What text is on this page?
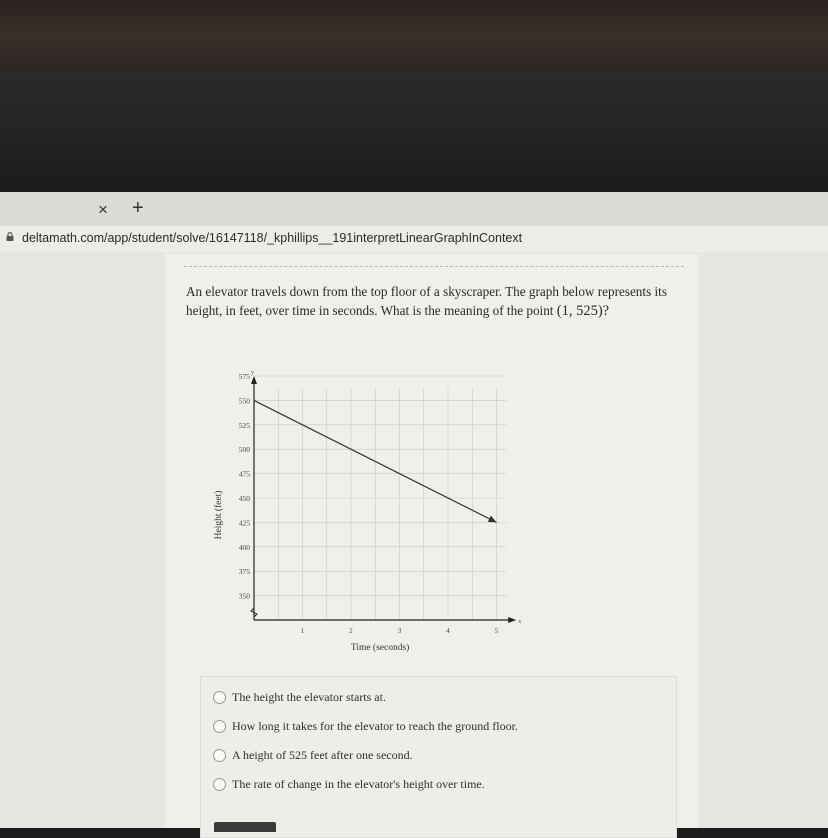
× +
deltamath.com/app/student/solve/16147118/_kphillips__191interpretLinearGraphInContext
An elevator travels down from the top floor of a skyscraper. The graph below represents its height, in feet, over time in seconds. What is the meaning of the point (1, 525)?
x
y
350
375
400
425
450
475
500
525
550
575
1	2	3	4	5
Time (seconds)
Height (feet)
The height the elevator starts at.
How long it takes for the elevator to reach the ground floor.
A height of 525 feet after one second.
The rate of change in the elevator's height over time.
